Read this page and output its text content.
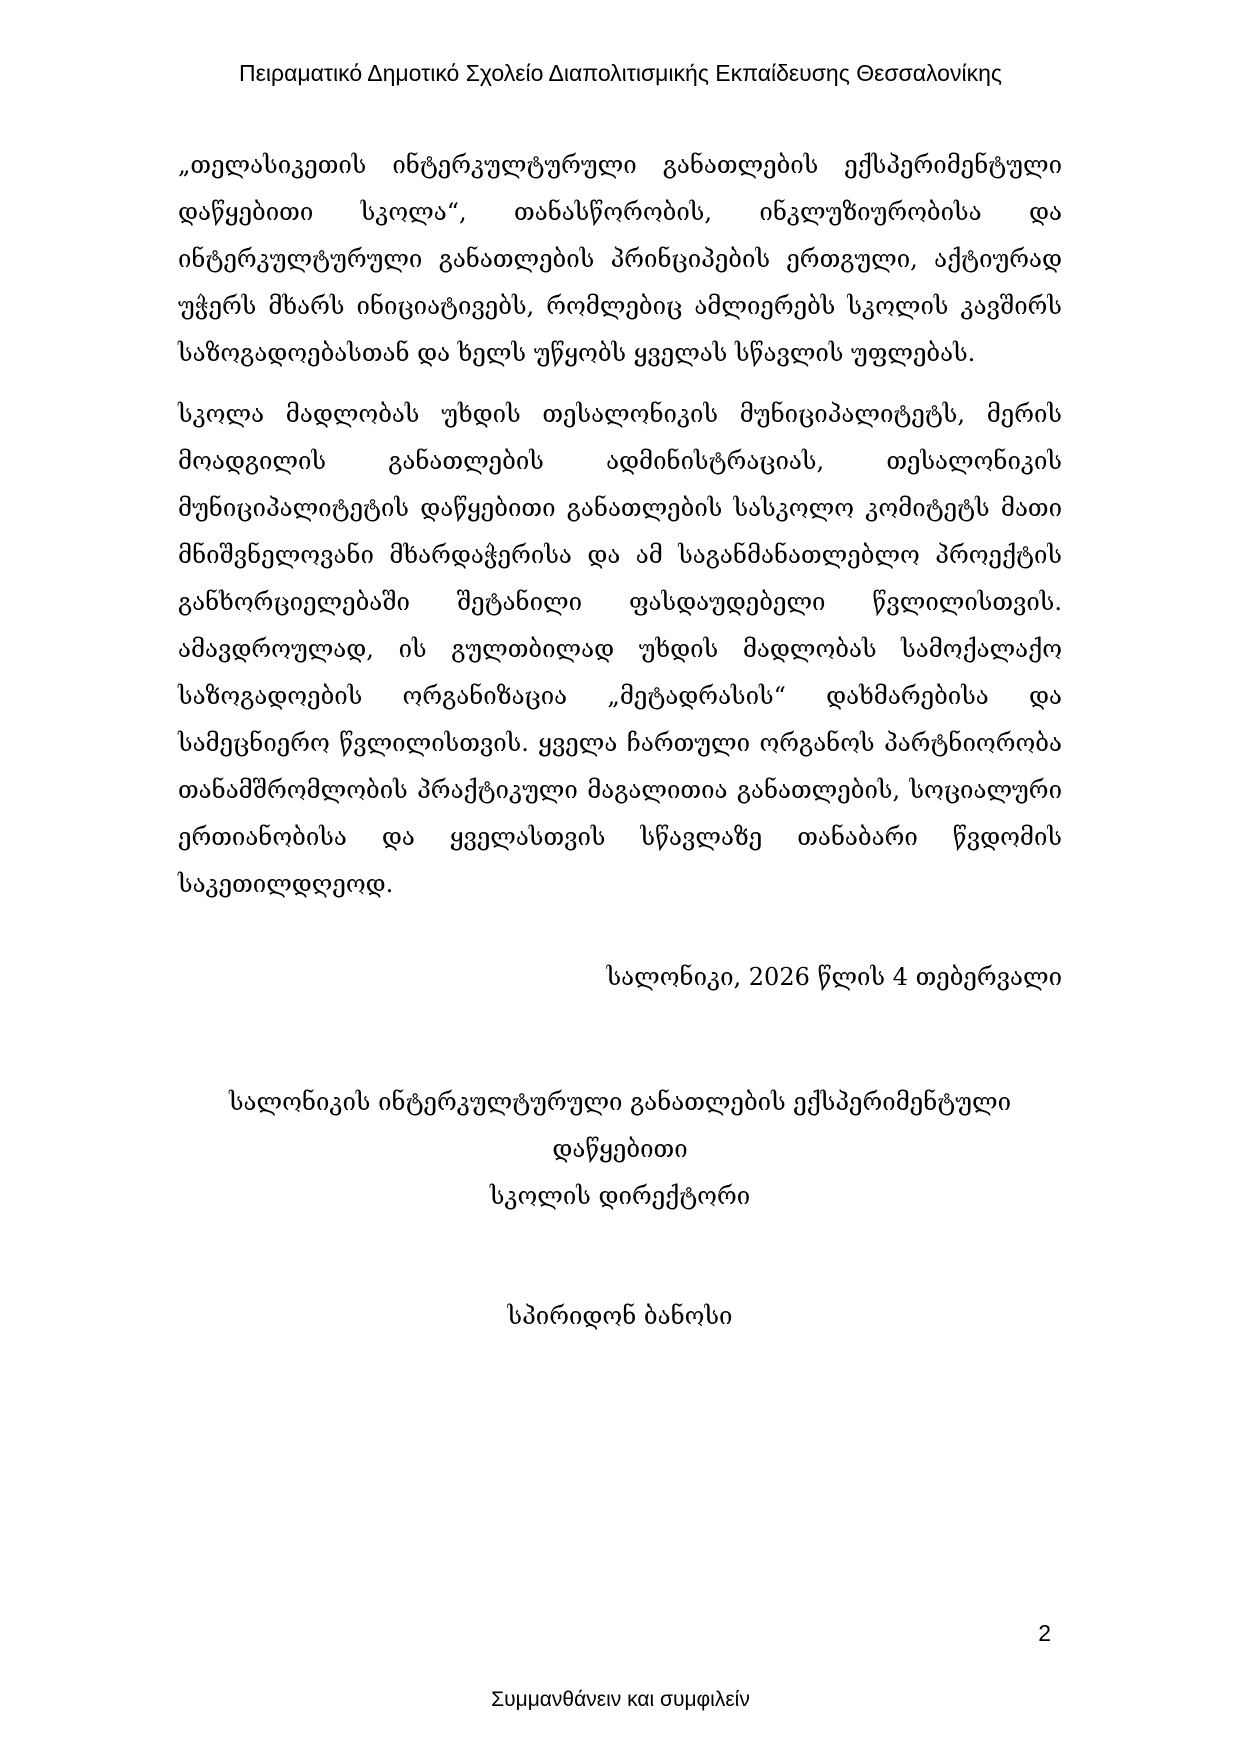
Πειραματικό Δημοτικό Σχολείο Διαπολιτισμικής Εκπαίδευσης Θεσσαλονίκης

„თელასიკეთის ინტერკულტურული განათლების ექსპერიმენტული დაწყებითი სკოლა“, თანასწორობის, ინკლუზიურობისა და ინტერკულტურული განათლების პრინციპების ერთგული, აქტიურად უჭერს მხარს ინიციატივებს, რომლებიც ამლიერებს სკოლის კავშირს საზოგადოებასთან და ხელს უწყობს ყველას სწავლის უფლებას.

სკოლა მადლობას უხდის თესალონიკის მუნიციპალიტეტს, მერის მოადგილის განათლების ადმინისტრაციას, თესალონიკის მუნიციპალიტეტის დაწყებითი განათლების სასკოლო კომიტეტს მათი მნიშვნელოვანი მხარდაჭერისა და ამ საგანმანათლებლო პროექტის განხორციელებაში შეტანილი ფასდაუდებელი წვლილისთვის. ამავდროულად, ის გულთბილად უხდის მადლობას სამოქალაქო საზოგადოების ორგანიზაცია „მეტადრასის“ დახმარებისა და სამეცნიერო წვლილისთვის. ყველა ჩართული ორგანოს პარტნიორობა თანამშრომლობის პრაქტიკული მაგალითია განათლების, სოციალური ერთიანობისა და ყველასთვის სწავლაზე თანაბარი წვდომის საკეთილდღეოდ.

სალონიკი, 2026 წლის 4 თებერვალი

სალონიკის ინტერკულტურული განათლების ექსპერიმენტული დაწყებითი

სკოლის დირექტორი

სპირიდონ ბანოსი

2
Συμμανθάνειν και συμφιλείν
